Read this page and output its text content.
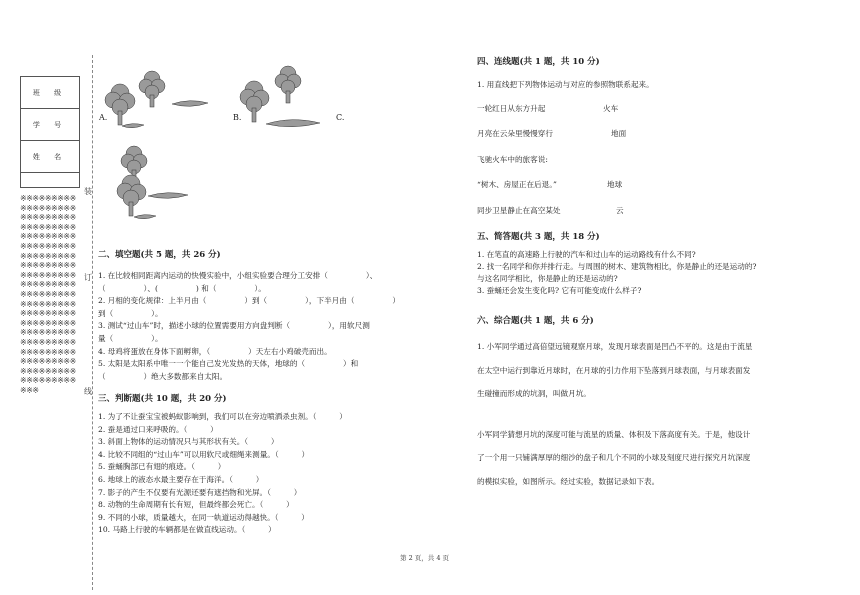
班 级
学 号
姓 名

※※※※※※※※※※※※※※※※※※※※※※※※※※※※※※※※※※※※※※※※※※※※※※※※※※※※※※※※※※※※※※※※※※※※※※※※※※※※※※※※※※※※※※※※※※※※※※※※※※※※※※※※※※※※※※※※※※※※※※※※※※※※※※※※※※※※※※※※※※※※※※※※※※※※※※※※※※※※※※※※※※※※※※※※※※※※※※※※※※※※※※※
装
订
线
A.	B.	C.
二、填空题(共 5 题，共 26 分)
1. 在比较相同距离内运动的快慢实验中，小组实验要合理分工安排（　　　　　）、
（　　　　　）、(　　　　　) 和（　　　　　）。
2. 月相的变化规律：上半月由（　　　　　）到（　　　　　），下半月由（　　　　　）
到（　　　　　）。
3. 测试“过山车”时，描述小球的位置需要用方向盘判断（　　　　　），用软尺测
量（　　　　　）。
4. 母鸡将蛋放在身体下面孵卵，（　　　　　）天左右小鸡破壳而出。
5. 太阳是太阳系中唯一一个能自己发光发热的天体，地球的（　　　　　）和
（　　　　　）绝大多数都来自太阳。
三、判断题(共 10 题，共 20 分)
1. 为了不让蚕宝宝被蚂蚁影响到，我们可以在旁边喷洒杀虫剂。（　　　）
2. 蚕是通过口来呼吸的。（　　　）
3. 斜面上物体的运动情况只与其形状有关。（　　　）
4. 比较不同组的“过山车”可以用软尺或细绳来测量。（　　　）
5. 蚕蛹胸部已有翅的痕迹。（　　　）
6. 地球上的液态水最主要存在于海洋。（　　　）
7. 影子的产生不仅要有光源还要有遮挡物和光屏。（　　　）
8. 动物的生命周期有长有短，但最终都会死亡。（　　　）
9. 不同的小球，质量越大，在同一轨道运动得越快。（　　　）
10. 马路上行驶的车辆都是在做直线运动。（　　　）
四、连线题(共 1 题，共 10 分)
1. 用直线把下列物体运动与对应的参照物联系起来。
一轮红日从东方升起	火车
月亮在云朵里慢慢穿行	地面
飞驰火车中的旅客说:
“树木、房屋正在后退。”	地球
同步卫星静止在高空某处	云
五、简答题(共 3 题，共 18 分)
1. 在笔直的高速路上行驶的汽车和过山车的运动路线有什么不同?
2. 找一名同学和你并排行走。与周围的树木、建筑物相比，你是静止的还是运动的?
与这名同学相比，你是静止的还是运动的?
3. 蚕蛹还会发生变化吗? 它有可能变成什么样子?
六、综合题(共 1 题，共 6 分)
1. 小军同学通过高倍望远镜观察月球，发现月球表面是凹凸不平的。这是由于流星
在太空中运行到靠近月球时，在月球的引力作用下坠落到月球表面，与月球表面发
生碰撞而形成的坑洞，叫做月坑。
小军同学猜想月坑的深度可能与流星的质量、体积及下落高度有关。于是，他设计
了一个用一只铺满厚厚的细沙的盘子和几个不同的小球及刻度尺进行探究月坑深度
的模拟实验，如图所示。经过实验，数据记录如下表。
第 2 页，共 4 页
